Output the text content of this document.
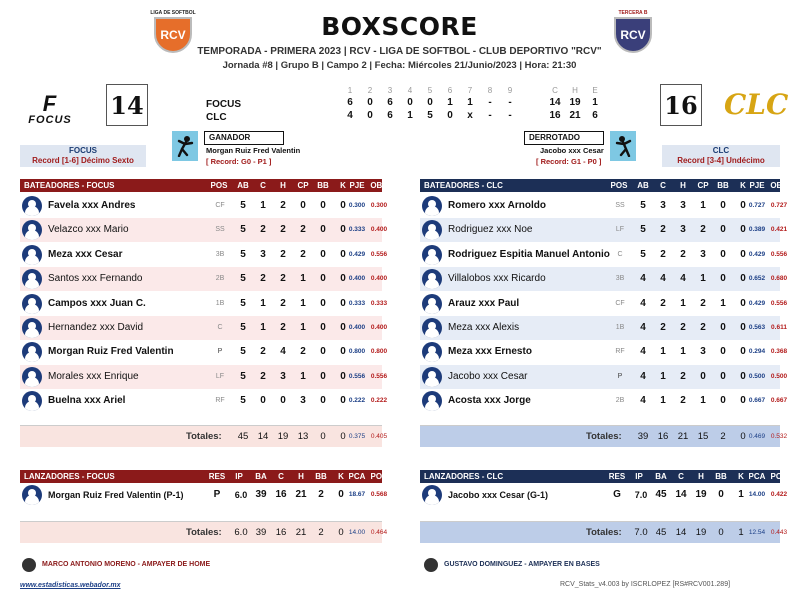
LIGA DE SOFTBOL
RCV	BOXSCORE	TERCERA B
RCV
TEMPORADA - PRIMERA 2023 | RCV - LIGA DE SOFTBOL - CLUB DEPORTIVO "RCV"
Jornada #8 | Grupo B | Campo 2 | Fecha: Miércoles 21/Junio/2023 | Hora: 21:30
F
FOCUS
14	16 CLC
FOCUS
CLC
1	2	3	4	5	6	7	8	9	C	H	E
6	0	6	0	0	1	1	-	-	14 19	1
4	0	6	1	5	0	x	-	-	16 21	6
FOCUS
Record [1-6] Décimo Sexto
GANADOR
Morgan Ruiz Fred Valentin
[ Record: G0 - P1 ]
DERROTADO
Jacobo xxx Cesar
[ Record: G1 - P0 ]
CLC
Record [3-4] Undécimo
BATEADORES - FOCUS	POS	AB	C	H	CP	BB	K PJE OBP
Favela xxx Andres	CF	5	1	2	0	0	0 0.300 0.300
Velazco xxx Mario	SS	5	2	2	2	0	0 0.333 0.400
Meza xxx Cesar	3B	5	3	2	2	0	0 0.429 0.556
Santos xxx Fernando	2B	5	2	2	1	0	0 0.400 0.400
Campos xxx Juan C.	1B	5	1	2	1	0	0 0.333 0.333
Hernandez xxx David	C	5	1	2	1	0	0 0.400 0.400
Morgan Ruiz Fred Valentin	P	5	2	4	2	0	0 0.800 0.800
Morales xxx Enrique	LF	5	2	3	1	0	0 0.556 0.556
Buelna xxx Ariel	RF	5	0	0	3	0	0 0.222 0.222
Totales: 45 14 19 13	0	0 0.375 0.405
BATEADORES - CLC	POS	AB	C	H	CP	BB	K PJE OBP
Romero xxx Arnoldo	SS	5	3	3	1	0	0 0.727 0.727
Rodriguez xxx Noe	LF	5	2	3	2	0	0 0.389 0.421
Rodriguez Espitia Manuel Antonio	C	5	2	2	3	0	0 0.429 0.556
Villalobos xxx Ricardo	3B	4	4	4	1	0	0 0.652 0.680
Arauz xxx Paul	CF	4	2	1	2	1	0 0.429 0.556
Meza xxx Alexis	1B	4	2	2	2	0	0 0.563 0.611
Meza xxx Ernesto	RF	4	1	1	3	0	0 0.294 0.368
Jacobo xxx Cesar	P	4	1	2	0	0	0 0.500 0.500
Acosta xxx Jorge	2B	4	1	2	1	0	0 0.667 0.667
Totales: 39 16 21 15	2	0 0.469 0.532
LANZADORES - FOCUS	RES	IP	BA	C	H	BB	K PCA POP
Morgan Ruiz Fred Valentin (P-1)	P	6.0 39 16 21	2	0 18.67 0.568
Totales: 6.0 39 16 21	2	0 14.00 0.464
LANZADORES - CLC	RES	IP	BA	C	H	BB	K PCA POP
Jacobo xxx Cesar (G-1)	G	7.0 45 14 19	0	1 14.00 0.422
Totales: 7.0 45 14 19	0	1 12.54 0.443
MARCO ANTONIO MORENO - AMPAYER DE HOME	GUSTAVO DOMINGUEZ - AMPAYER EN BASES
www.estadisticas.webador.mx	RCV_Stats_v4.003 by ISCRLOPEZ [RS#RCV001.289]
